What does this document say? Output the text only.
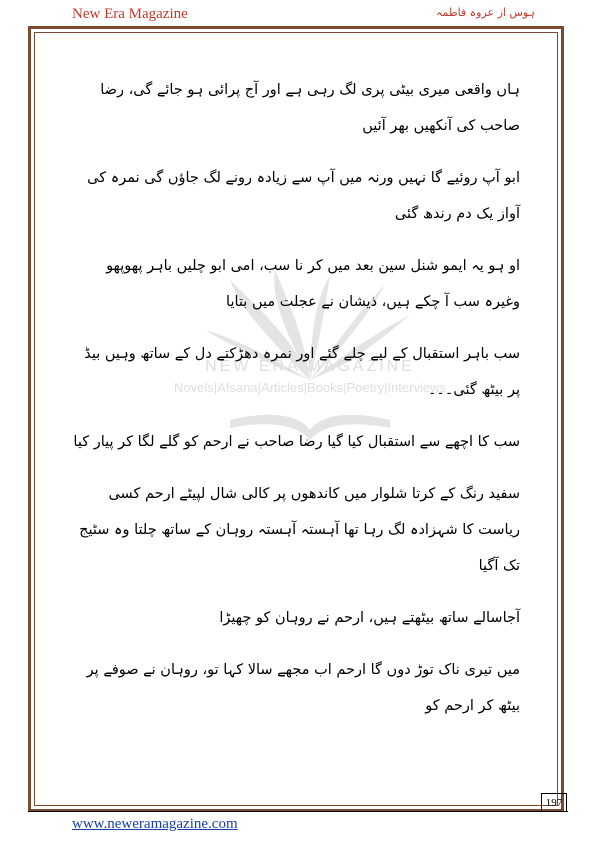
New Era Magazine	ہوس از عروہ فاطمہ
NEW ERA MAGAZINE
Novels|Afsana|Articles|Books|Poetry|Interviews

ہاں واقعی میری بیٹی پری لگ رہی ہے اور آج پرائی ہو جائے گی، رضا صاحب کی آنکھیں بھر آئیں

ابو آپ روئیے گا نہیں ورنہ میں آپ سے زیادہ رونے لگ جاؤں گی نمرہ کی آواز یک دم رندھ گئی

او ہو یہ ایمو شنل سین بعد میں کر نا سب، امی ابو چلیں باہر پھوپھو وغیرہ سب آ چکے ہیں، ذیشان نے عجلت میں بتایا

سب باہر استقبال کے لیے چلے گئے اور نمرہ دھڑکتے دل کے ساتھ وہیں بیڈ پر بیٹھ گئی۔۔۔

سب کا اچھے سے استقبال کیا گیا رضا صاحب نے ارحم کو گلے لگا کر پیار کیا

سفید رنگ کے کرتا شلوار میں کاندھوں پر کالی شال لپیٹے ارحم کسی ریاست کا شہزادہ لگ رہا تھا آہستہ آہستہ روہان کے ساتھ چلتا وہ سٹیج تک آگیا

آجاسالے ساتھ بیٹھتے ہیں، ارحم نے روہان کو چھیڑا

میں تیری ناک توڑ دوں گا ارحم اب مجھے سالا کہا تو، روہان نے صوفے پر بیٹھ کر ارحم کو

197
www.neweramagazine.com
